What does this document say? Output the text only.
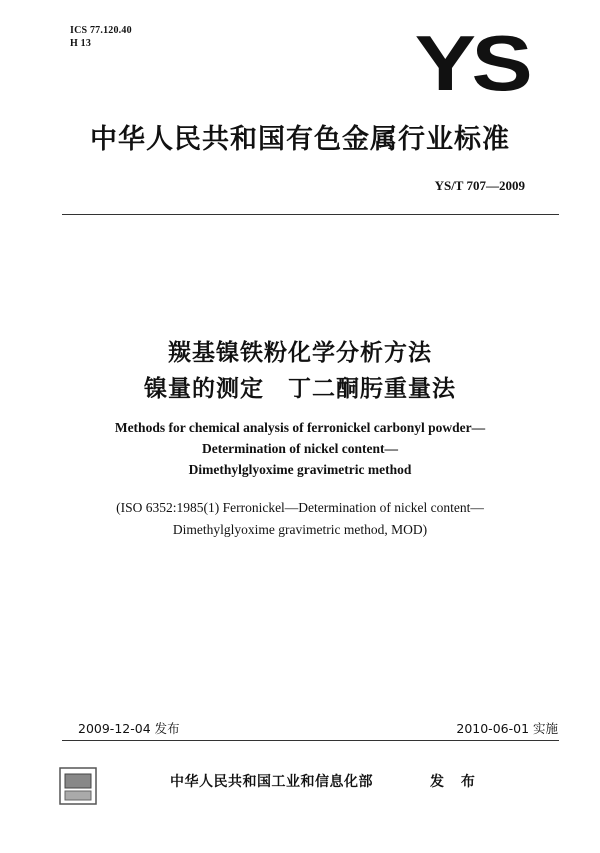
ICS 77.120.40
H 13	YS
中华人民共和国有色金属行业标准
YS/T 707—2009
羰基镍铁粉化学分析方法
镍量的测定　丁二酮肟重量法
Methods for chemical analysis of ferronickel carbonyl powder—
Determination of nickel content—
Dimethylglyoxime gravimetric method
(ISO 6352:1985(1) Ferronickel—Determination of nickel content—
Dimethylglyoxime gravimetric method, MOD)
2009-12-04 发布	2010-06-01 实施
中华人民共和国工业和信息化部	发 布
